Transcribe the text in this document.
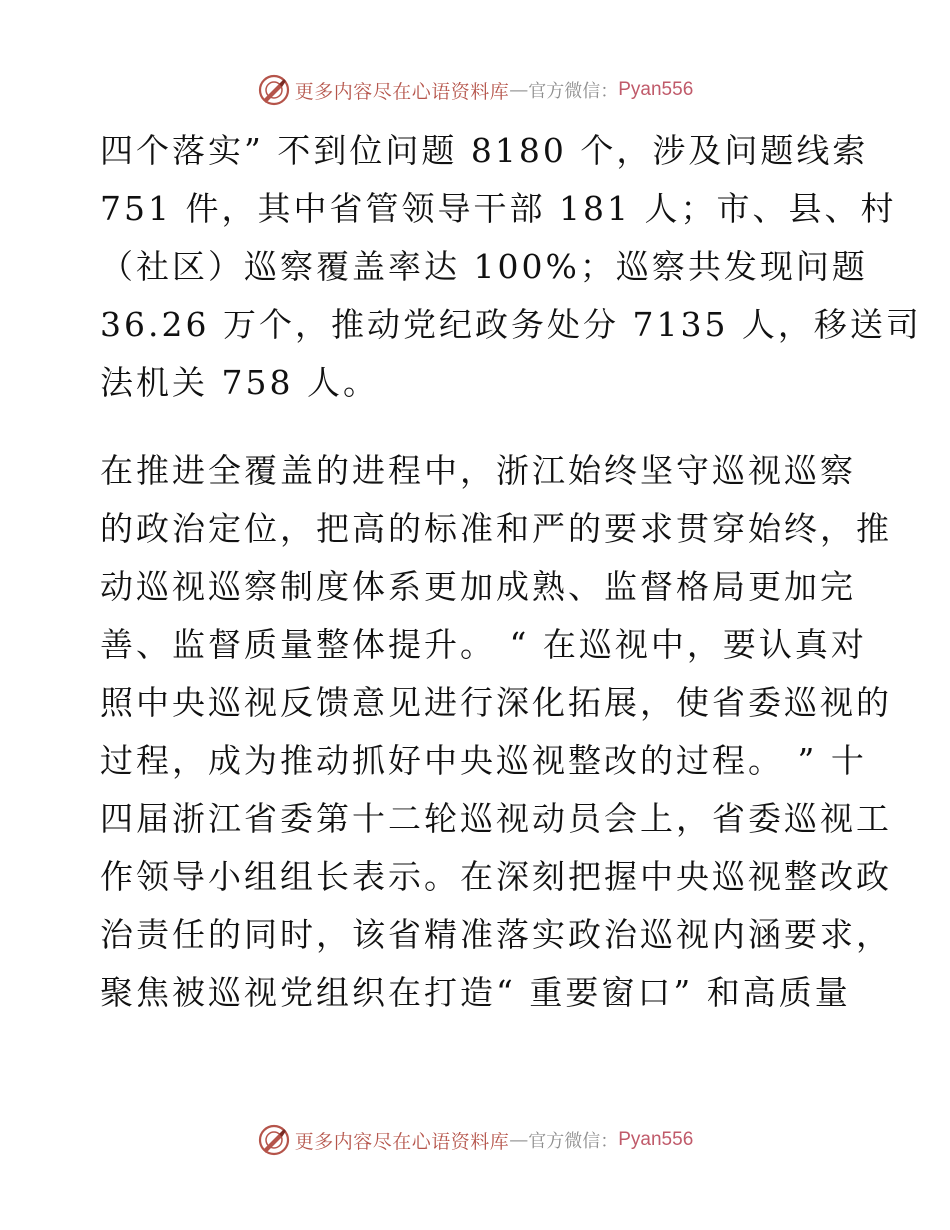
更多内容尽在心语资料库 — 官方微信： Pyan556
四个落实” 不到位问题 8180 个，涉及问题线索
751 件，其中省管领导干部 181 人；市、县、村
（社区）巡察覆盖率达 100%；巡察共发现问题
36.26 万个，推动党纪政务处分 7135 人，移送司
法机关 758 人。
在推进全覆盖的进程中，浙江始终坚守巡视巡察
的政治定位，把高的标准和严的要求贯穿始终，推
动巡视巡察制度体系更加成熟、监督格局更加完
善、监督质量整体提升。 “ 在巡视中，要认真对
照中央巡视反馈意见进行深化拓展，使省委巡视的
过程，成为推动抓好中央巡视整改的过程。 ” 十
四届浙江省委第十二轮巡视动员会上，省委巡视工
作领导小组组长表示。在深刻把握中央巡视整改政
治责任的同时，该省精准落实政治巡视内涵要求，
聚焦被巡视党组织在打造“ 重要窗口” 和高质量
更多内容尽在心语资料库 — 官方微信： Pyan556
